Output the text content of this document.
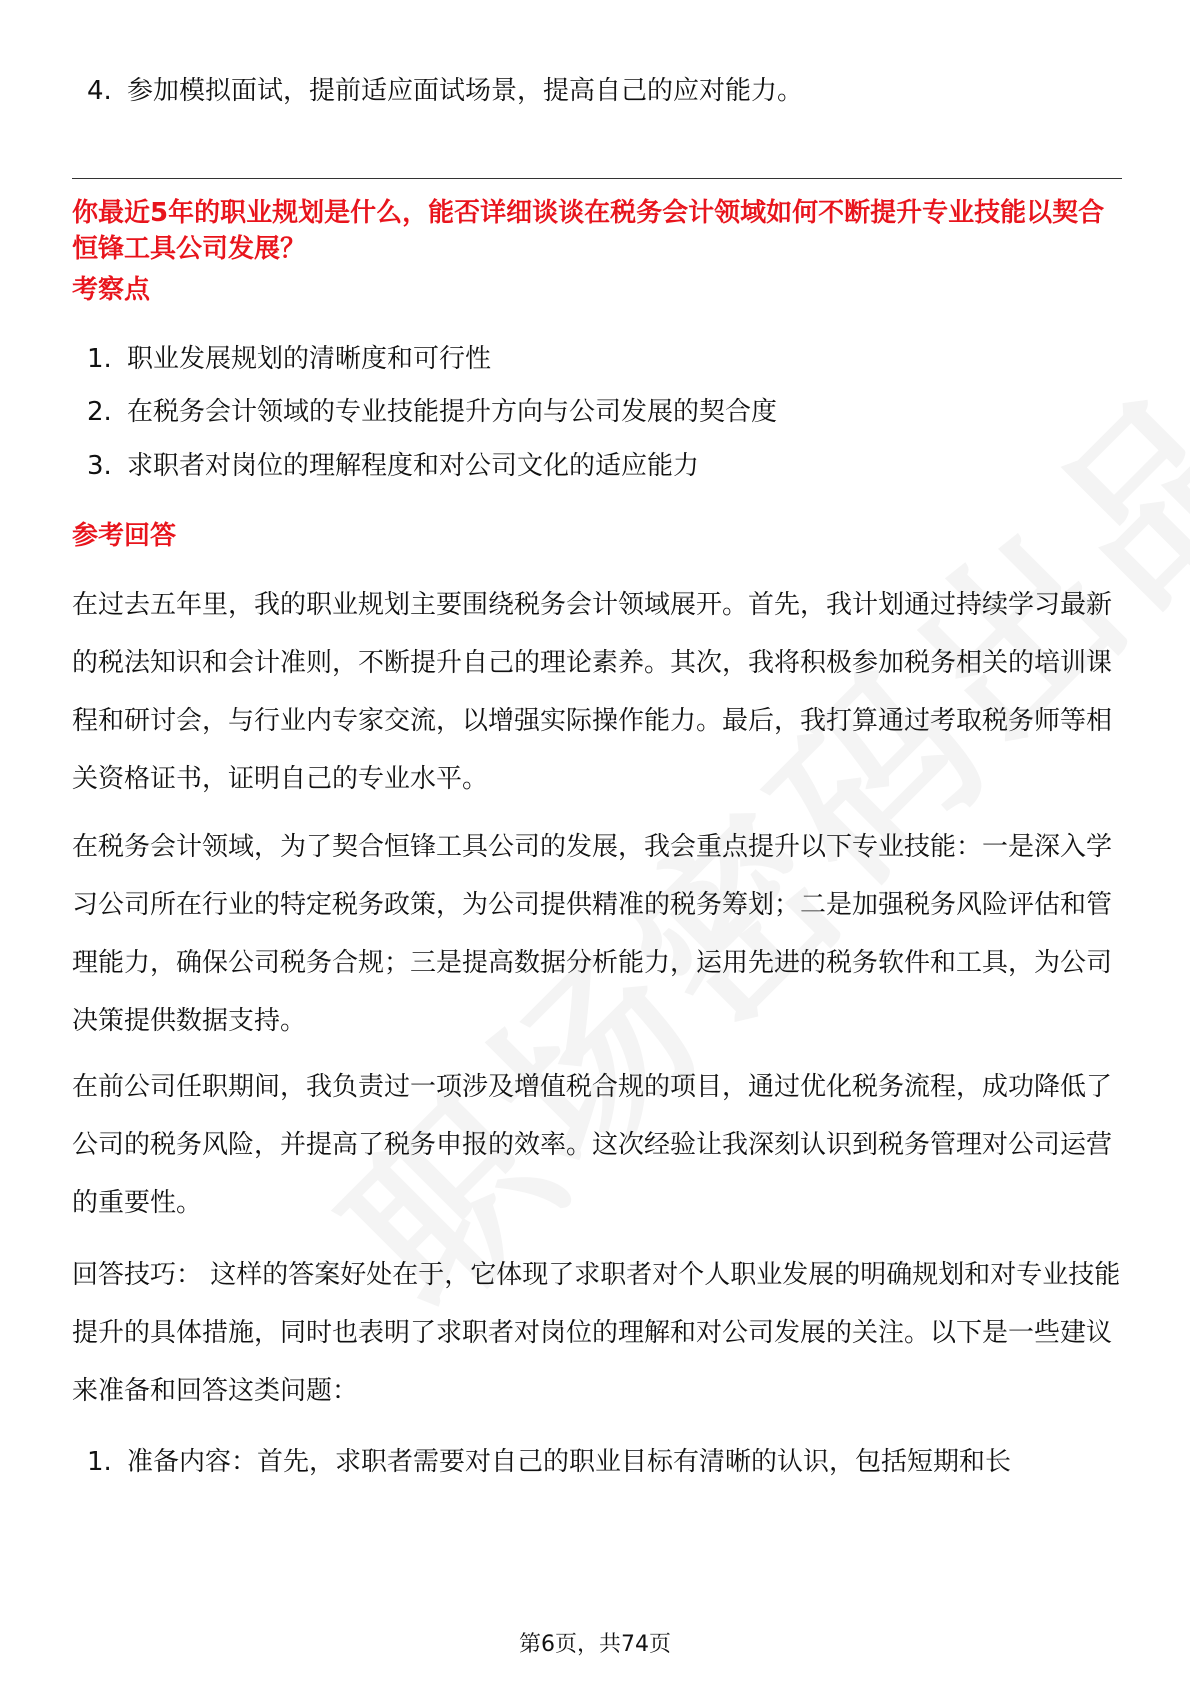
4. 参加模拟面试，提前适应面试场景，提高自己的应对能力。

你最近5年的职业规划是什么，能否详细谈谈在税务会计领域如何不断提升专业技能以契合恒锋工具公司发展？

考察点

1. 职业发展规划的清晰度和可行性
2. 在税务会计领域的专业技能提升方向与公司发展的契合度
3. 求职者对岗位的理解程度和对公司文化的适应能力

参考回答

在过去五年里，我的职业规划主要围绕税务会计领域展开。首先，我计划通过持续学习最新的税法知识和会计准则，不断提升自己的理论素养。其次，我将积极参加税务相关的培训课程和研讨会，与行业内专家交流，以增强实际操作能力。最后，我打算通过考取税务师等相关资格证书，证明自己的专业水平。

在税务会计领域，为了契合恒锋工具公司的发展，我会重点提升以下专业技能：一是深入学习公司所在行业的特定税务政策，为公司提供精准的税务筹划；二是加强税务风险评估和管理能力，确保公司税务合规；三是提高数据分析能力，运用先进的税务软件和工具，为公司决策提供数据支持。

在前公司任职期间，我负责过一项涉及增值税合规的项目，通过优化税务流程，成功降低了公司的税务风险，并提高了税务申报的效率。这次经验让我深刻认识到税务管理对公司运营的重要性。

回答技巧： 这样的答案好处在于，它体现了求职者对个人职业发展的明确规划和对专业技能提升的具体措施，同时也表明了求职者对岗位的理解和对公司发展的关注。以下是一些建议来准备和回答这类问题：

1. 准备内容：首先，求职者需要对自己的职业目标有清晰的认识，包括短期和长
第6页，共74页
